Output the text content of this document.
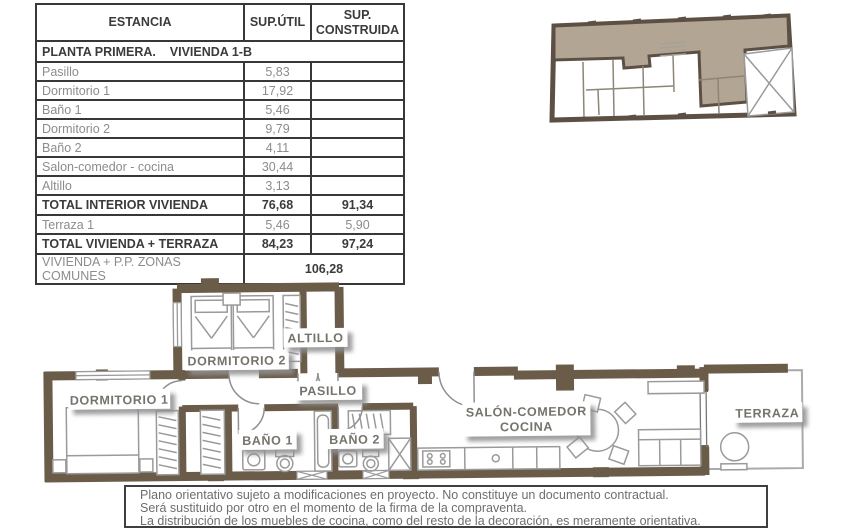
ESTANCIA	SUP.ÚTIL	SUP. CONSTRUIDA
PLANTA PRIMERA.    VIVIENDA 1-B		
Pasillo	5,83	
Dormitorio 1	17,92	
Baño 1	5,46	
Dormitorio 2	9,79	
Baño 2	4,11	
Salon-comedor - cocina	30,44	
Altillo	3,13	
TOTAL INTERIOR VIVIENDA	76,68	91,34
Terraza 1	5,46	5,90
TOTAL VIVIENDA + TERRAZA	84,23	97,24
VIVIENDA + P.P. ZONAS COMUNES	106,28	
DORMITORIO 2
ALTILLO
DORMITORIO 1
PASILLO
BAÑO 1	BAÑO 2
SALÓN-COMEDOR
COCINA
TERRAZA
Plano orientativo sujeto a modificaciones en proyecto. No constituye un documento contractual.
Será sustituido por otro en el momento de la firma de la compraventa.
La distribución de los muebles de cocina, como del resto de la decoración, es meramente orientativa.
